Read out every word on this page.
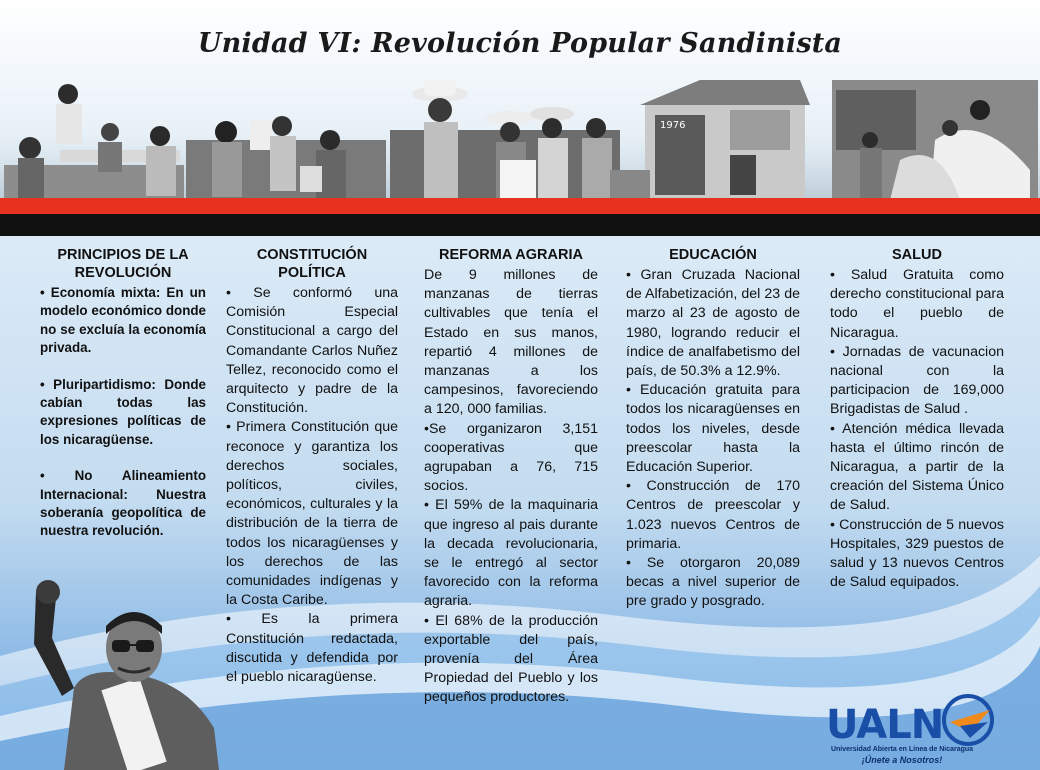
Unidad VI: Revolución Popular Sandinista
1976
PRINCIPIOS DE LA REVOLUCIÓN

• Economía mixta: En un modelo económico donde no se excluía la economía privada.

• Pluripartidismo: Donde cabían todas las expresiones políticas de los nicaragüense.

• No Alineamiento Internacional: Nuestra soberanía geopolítica de nuestra revolución.

CONSTITUCIÓN POLÍTICA

• Se conformó una Comisión Especial Constitucional a cargo del Comandante Carlos Nuñez Tellez, reconocido como el arquitecto y padre de la Constitución.

• Primera Constitución que reconoce y garantiza los derechos sociales, políticos, civiles, económicos, culturales y la distribución de la tierra de todos los nicaragüenses y los derechos de las comunidades indígenas y la Costa Caribe.

• Es la primera Constitución redactada, discutida y defendida por el pueblo nicaragüense.

REFORMA AGRARIA

De 9 millones de manzanas de tierras cultivables que tenía el Estado en sus manos, repartió 4 millones de manzanas a los campesinos, favoreciendo a 120, 000 familias.

•Se organizaron 3,151 cooperativas que agrupaban a 76, 715 socios.

• El 59% de la maquinaria que ingreso al pais durante la decada revolucionaria, se le entregó al sector favorecido con la reforma agraria.

• El 68% de la producción exportable del país, provenía del Área Propiedad del Pueblo y los pequeños productores.

EDUCACIÓN

• Gran Cruzada Nacional de Alfabetización, del 23 de marzo al 23 de agosto de 1980, logrando reducir el índice de analfabetismo del país, de 50.3% a 12.9%.

• Educación gratuita para todos los nicaragüenses en todos los niveles, desde preescolar hasta la Educación Superior.

• Construcción de 170 Centros de preescolar y 1.023 nuevos Centros de primaria.

• Se otorgaron 20,089 becas a nivel superior de pre grado y posgrado.

SALUD

• Salud Gratuita como derecho constitucional para todo el pueblo de Nicaragua.

• Jornadas de vacunacion nacional con la participacion de 169,000 Brigadistas de Salud .

• Atención médica llevada hasta el último rincón de Nicaragua, a partir de la creación del Sistema Único de Salud.

• Construcción de 5 nuevos Hospitales, 329 puestos de salud y 13 nuevos Centros de Salud equipados.

UALN
Universidad Abierta en Línea de Nicaragua
¡Únete a Nosotros!
